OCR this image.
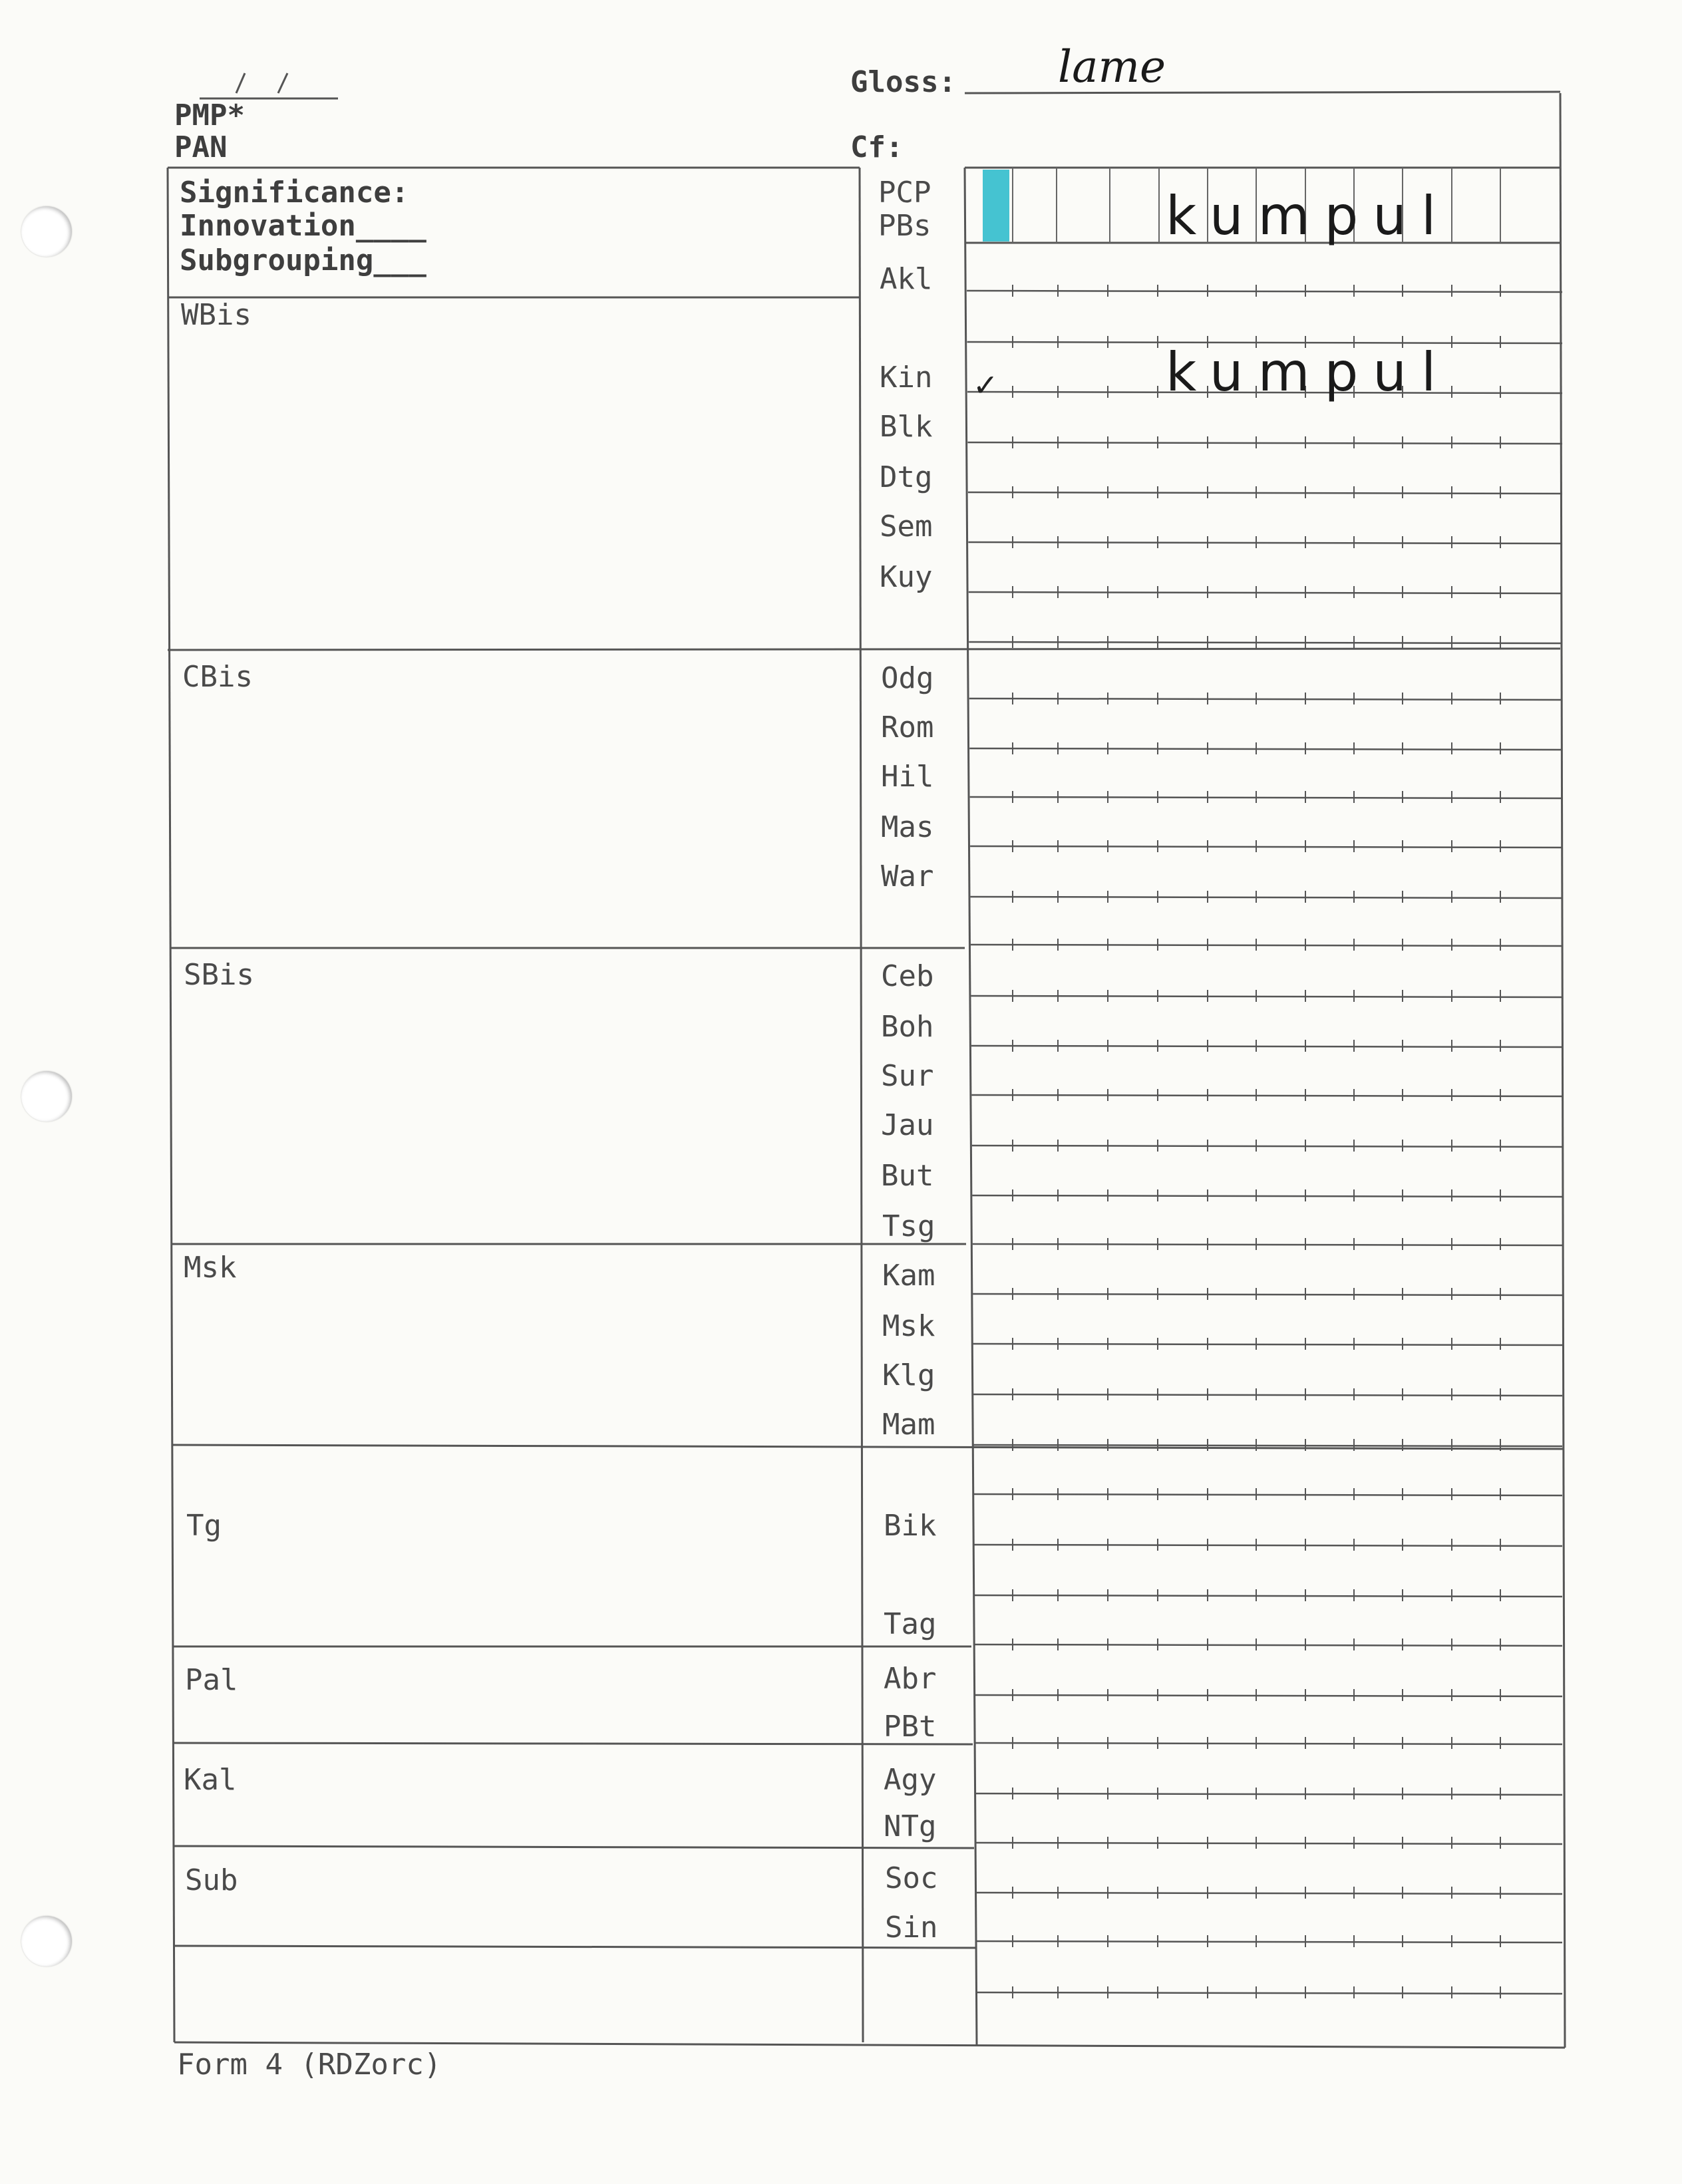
PMP*
PAN
Gloss: lame
Cf:
Significance:
Innovation____
Subgrouping___
WBis
CBis
SBis
Msk
Tg
Pal
Kal
Sub
PCP
PBs
Akl
Kin
Blk
Dtg
Sem
Kuy
Odg
Rom
Hil
Mas
War
Ceb
Boh
Sur
Jau
But
Tsg
Kam
Msk
Klg
Mam
Bik
Tag
Abr
PBt
Agy
NTg
Soc
Sin
kumpul
✓	kumpul
Form 4 (RDZorc)
